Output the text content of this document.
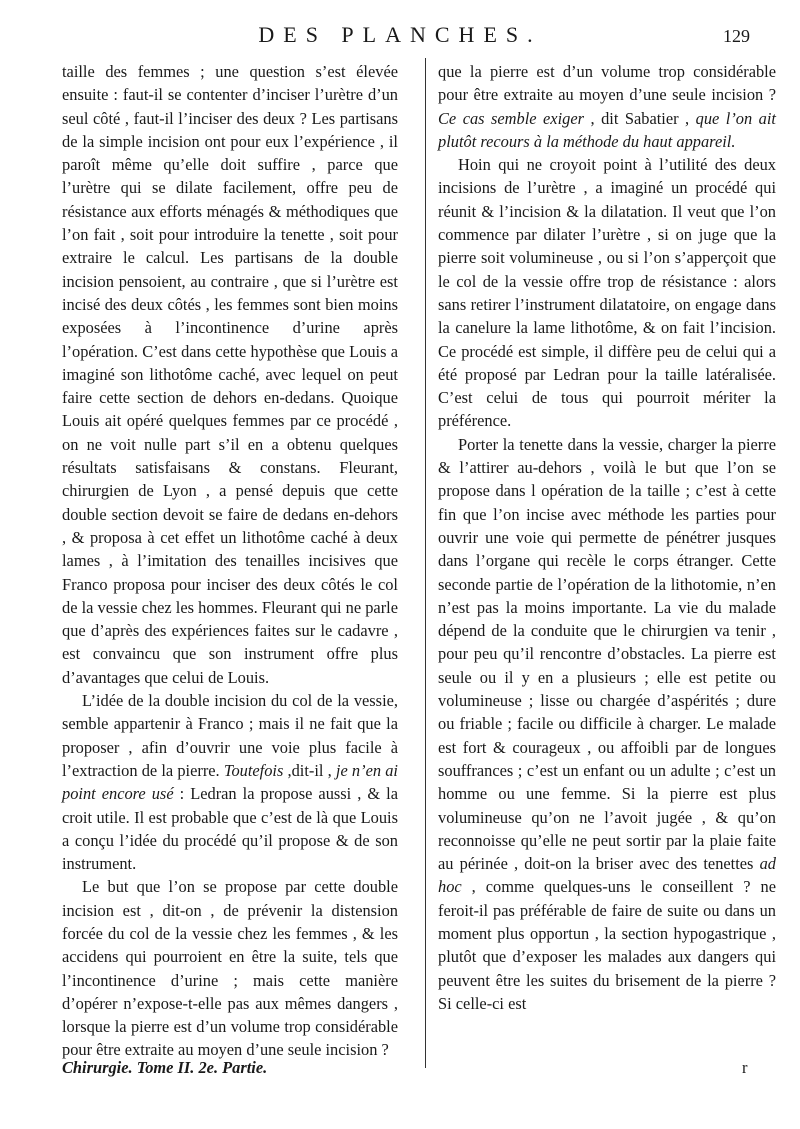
DES PLANCHES.	129

taille des femmes ; une question s’est élevée ensuite : faut-il se contenter d’inciser l’urètre d’un seul côté , faut-il l’inciser des deux ? Les partisans de la simple incision ont pour eux l’expérience , il paroît même qu’elle doit suffire , parce que l’urètre qui se dilate facilement, offre peu de résistance aux efforts ménagés & méthodiques que l’on fait , soit pour introduire la tenette , soit pour extraire le calcul. Les partisans de la double incision pensoient, au contraire , que si l’urètre est incisé des deux côtés , les femmes sont bien moins exposées à l’incontinence d’urine après l’opération. C’est dans cette hypothèse que Louis a imaginé son lithotôme caché, avec lequel on peut faire cette section de dehors en-dedans. Quoique Louis ait opéré quelques femmes par ce procédé , on ne voit nulle part s’il en a obtenu quelques résultats satisfaisans & constans. Fleurant, chirurgien de Lyon , a pensé depuis que cette double section devoit se faire de dedans en-dehors , & proposa à cet effet un lithotôme caché à deux lames , à l’imitation des tenailles incisives que Franco proposa pour inciser des deux côtés le col de la vessie chez les hommes. Fleurant qui ne parle que d’après des expériences faites sur le cadavre , est convaincu que son instrument offre plus d’avantages que celui de Louis.

L’idée de la double incision du col de la vessie, semble appartenir à Franco ; mais il ne fait que la proposer , afin d’ouvrir une voie plus facile à l’extraction de la pierre. Toutefois ,dit-il , je n’en ai point encore usé : Ledran la propose aussi , & la croit utile. Il est probable que c’est de là que Louis a conçu l’idée du procédé qu’il propose & de son instrument.

Le but que l’on se propose par cette double incision est , dit-on , de prévenir la distension forcée du col de la vessie chez les femmes , & les accidens qui pourroient en être la suite, tels que l’incontinence d’urine ; mais cette manière d’opérer n’expose-t-elle pas aux mêmes dangers , lorsque la pierre est d’un volume trop considérable pour être extraite au moyen d’une seule incision ?

que la pierre est d’un volume trop considérable pour être extraite au moyen d’une seule incision ? Ce cas semble exiger , dit Sabatier , que l’on ait plutôt recours à la méthode du haut appareil.

Hoin qui ne croyoit point à l’utilité des deux incisions de l’urètre , a imaginé un procédé qui réunit & l’incision & la dilatation. Il veut que l’on commence par dilater l’urètre , si on juge que la pierre soit volumineuse , ou si l’on s’apperçoit que le col de la vessie offre trop de résistance : alors sans retirer l’instrument dilatatoire, on engage dans la canelure la lame lithotôme, & on fait l’incision. Ce procédé est simple, il diffère peu de celui qui a été proposé par Ledran pour la taille latéralisée. C’est celui de tous qui pourroit mériter la préférence.

Porter la tenette dans la vessie, charger la pierre & l’attirer au-dehors , voilà le but que l’on se propose dans l opération de la taille ; c’est à cette fin que l’on incise avec méthode les parties pour ouvrir une voie qui permette de pénétrer jusques dans l’organe qui recèle le corps étranger. Cette seconde partie de l’opération de la lithotomie, n’en n’est pas la moins importante. La vie du malade dépend de la conduite que le chirurgien va tenir , pour peu qu’il rencontre d’obstacles. La pierre est seule ou il y en a plusieurs ; elle est petite ou volumineuse ; lisse ou chargée d’aspérités ; dure ou friable ; facile ou difficile à charger. Le malade est fort & courageux , ou affoibli par de longues souffrances ; c’est un enfant ou un adulte ; c’est un homme ou une femme. Si la pierre est plus volumineuse qu’on ne l’avoit jugée , & qu’on reconnoisse qu’elle ne peut sortir par la plaie faite au périnée , doit-on la briser avec des tenettes ad hoc , comme quelques-uns le conseillent ? ne feroit-il pas préférable de faire de suite ou dans un moment plus opportun , la section hypogastrique , plutôt que d’exposer les malades aux dangers qui peuvent être les suites du brisement de la pierre ? Si celle-ci est

Chirurgie. Tome II. 2e. Partie.	r
